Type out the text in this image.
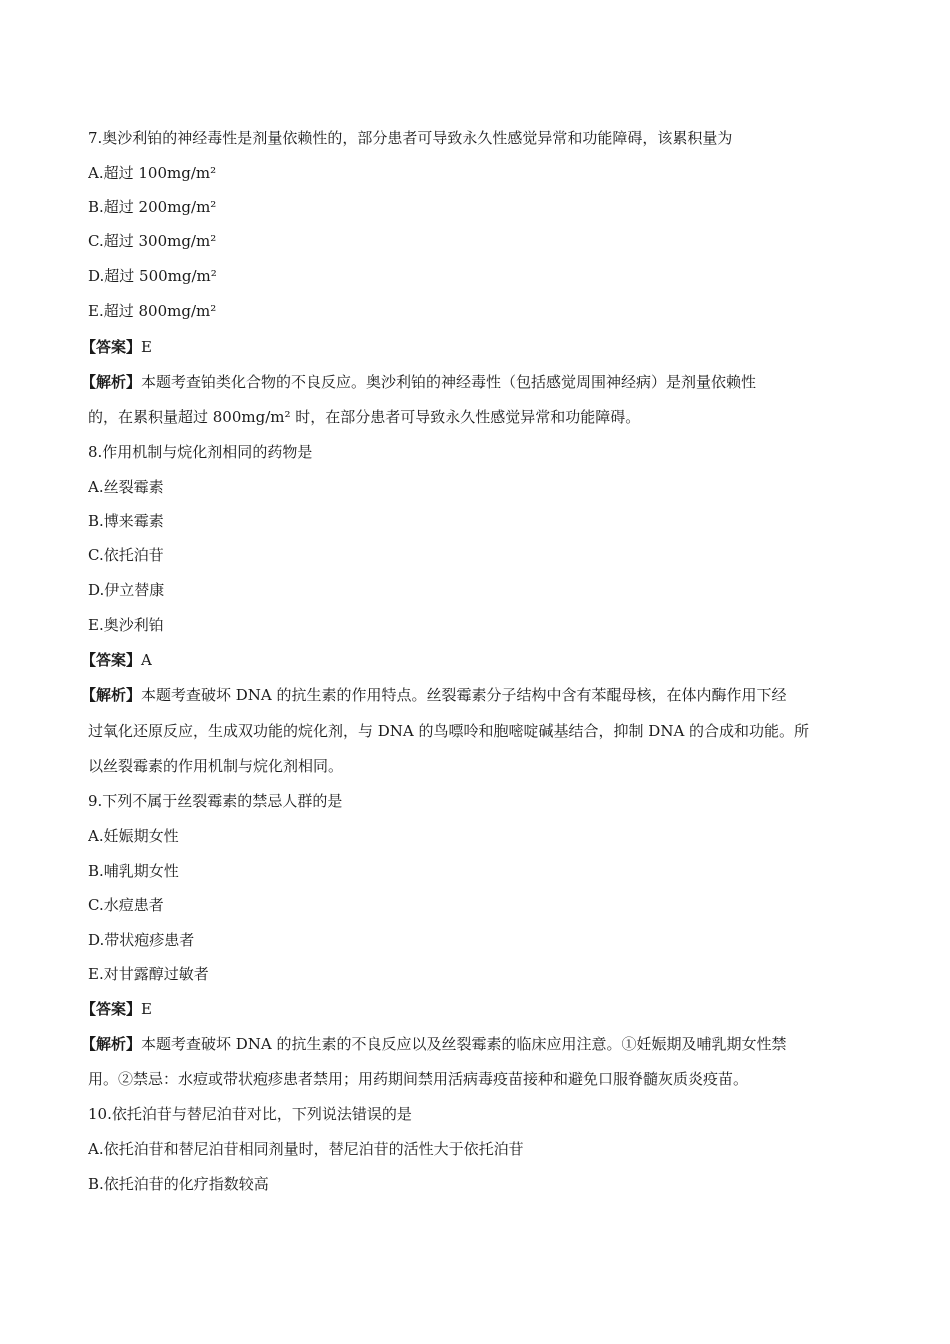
7.奥沙利铂的神经毒性是剂量依赖性的，部分患者可导致永久性感觉异常和功能障碍，该累积量为
A.超过 100mg/m²
B.超过 200mg/m²
C.超过 300mg/m²
D.超过 500mg/m²
E.超过 800mg/m²
【答案】E
【解析】本题考查铂类化合物的不良反应。奥沙利铂的神经毒性（包括感觉周围神经病）是剂量依赖性
的，在累积量超过 800mg/m² 时，在部分患者可导致永久性感觉异常和功能障碍。
8.作用机制与烷化剂相同的药物是
A.丝裂霉素
B.博来霉素
C.依托泊苷
D.伊立替康
E.奥沙利铂
【答案】A
【解析】本题考查破坏 DNA 的抗生素的作用特点。丝裂霉素分子结构中含有苯醌母核，在体内酶作用下经
过氧化还原反应，生成双功能的烷化剂，与 DNA 的鸟嘌呤和胞嘧啶碱基结合，抑制 DNA 的合成和功能。所
以丝裂霉素的作用机制与烷化剂相同。
9.下列不属于丝裂霉素的禁忌人群的是
A.妊娠期女性
B.哺乳期女性
C.水痘患者
D.带状疱疹患者
E.对甘露醇过敏者
【答案】E
【解析】本题考查破坏 DNA 的抗生素的不良反应以及丝裂霉素的临床应用注意。①妊娠期及哺乳期女性禁
用。②禁忌：水痘或带状疱疹患者禁用；用药期间禁用活病毒疫苗接种和避免口服脊髓灰质炎疫苗。
10.依托泊苷与替尼泊苷对比，下列说法错误的是
A.依托泊苷和替尼泊苷相同剂量时，替尼泊苷的活性大于依托泊苷
B.依托泊苷的化疗指数较高
